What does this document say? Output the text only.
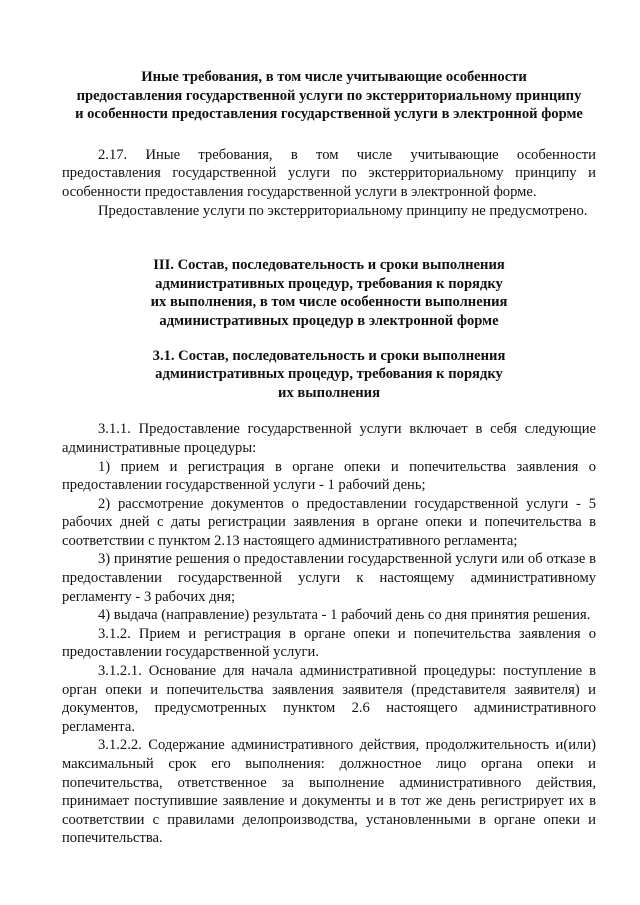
Иные требования, в том числе учитывающие особенности
предоставления государственной услуги по экстерриториальному принципу
и особенности предоставления государственной услуги в электронной форме

2.17. Иные требования, в том числе учитывающие особенности предоставления государственной услуги по экстерриториальному принципу и особенности предоставления государственной услуги в электронной форме.

Предоставление услуги по экстерриториальному принципу не предусмотрено.

III. Состав, последовательность и сроки выполнения
административных процедур, требования к порядку
их выполнения, в том числе особенности выполнения
административных процедур в электронной форме
3.1. Состав, последовательность и сроки выполнения
административных процедур, требования к порядку
их выполнения

3.1.1. Предоставление государственной услуги включает в себя следующие административные процедуры:

1) прием и регистрация в органе опеки и попечительства заявления о предоставлении государственной услуги - 1 рабочий день;

2) рассмотрение документов о предоставлении государственной услуги - 5 рабочих дней с даты регистрации заявления в органе опеки и попечительства в соответствии с пунктом 2.13 настоящего административного регламента;

3) принятие решения о предоставлении государственной услуги или об отказе в предоставлении государственной услуги к настоящему административному регламенту - 3 рабочих дня;

4) выдача (направление) результата - 1 рабочий день со дня принятия решения.

3.1.2. Прием и регистрация в органе опеки и попечительства заявления о предоставлении государственной услуги.

3.1.2.1. Основание для начала административной процедуры: поступление в орган опеки и попечительства заявления заявителя (представителя заявителя) и документов, предусмотренных пунктом 2.6 настоящего административного регламента.

3.1.2.2. Содержание административного действия, продолжительность и(или) максимальный срок его выполнения: должностное лицо органа опеки и попечительства, ответственное за выполнение административного действия, принимает поступившие заявление и документы и в тот же день регистрирует их в соответствии с правилами делопроизводства, установленными в органе опеки и попечительства.
